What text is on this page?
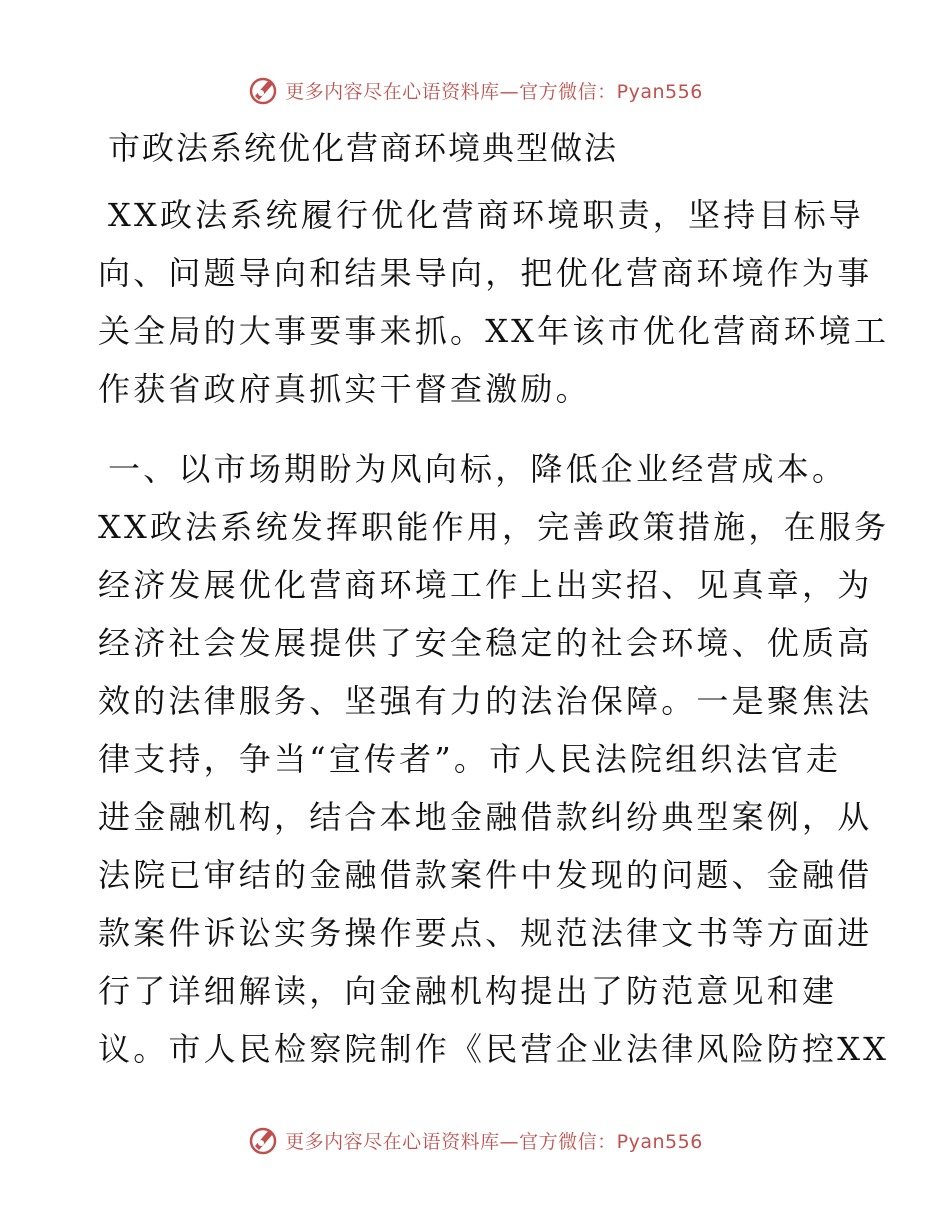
更多内容尽在心语资料库—官方微信：Pyan556
市政法系统优化营商环境典型做法

XX政法系统履行优化营商环境职责，坚持目标导

向、问题导向和结果导向，把优化营商环境作为事

关全局的大事要事来抓。XX年该市优化营商环境工

作获省政府真抓实干督查激励。

一、以市场期盼为风向标，降低企业经营成本。

XX政法系统发挥职能作用，完善政策措施，在服务

经济发展优化营商环境工作上出实招、见真章，为

经济社会发展提供了安全稳定的社会环境、优质高

效的法律服务、坚强有力的法治保障。一是聚焦法

律支持，争当“宣传者”。市人民法院组织法官走

进金融机构，结合本地金融借款纠纷典型案例，从

法院已审结的金融借款案件中发现的问题、金融借

款案件诉讼实务操作要点、规范法律文书等方面进

行了详细解读，向金融机构提出了防范意见和建

议。市人民检察院制作《民营企业法律风险防控XX

更多内容尽在心语资料库—官方微信：Pyan556
